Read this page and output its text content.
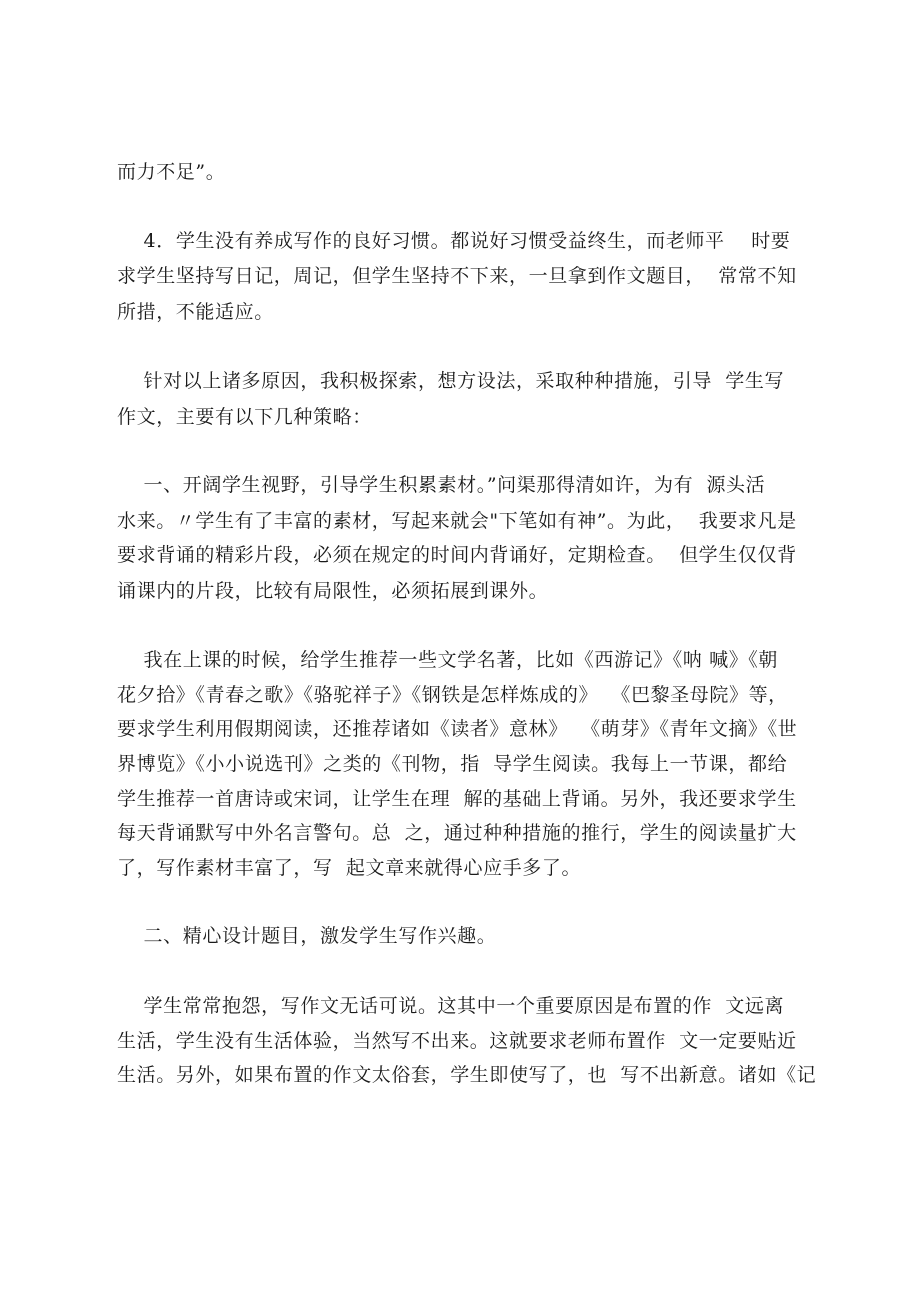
而力不足”。
4．学生没有养成写作的良好习惯。都说好习惯受益终生，而老师平    时要
求学生坚持写日记，周记，但学生坚持不下来，一旦拿到作文题目，  常常不知
所措，不能适应。
针对以上诸多原因，我积极探索，想方设法，采取种种措施，引导  学生写
作文，主要有以下几种策略：
一、开阔学生视野，引导学生积累素材。”问渠那得清如许，为有  源头活
水来。〃学生有了丰富的素材，写起来就会"下笔如有神”。为此，  我要求凡是
要求背诵的精彩片段，必须在规定的时间内背诵好，定期检查。  但学生仅仅背
诵课内的片段，比较有局限性，必须拓展到课外。
我在上课的时候，给学生推荐一些文学名著，比如《西游记》《呐 喊》《朝
花夕拾》《青春之歌》《骆驼祥子》《钢铁是怎样炼成的》  《巴黎圣母院》等，
要求学生利用假期阅读，还推荐诸如《读者》意林》  《萌芽》《青年文摘》《世
界博览》《小小说选刊》之类的《刊物，指  导学生阅读。我每上一节课，都给
学生推荐一首唐诗或宋词，让学生在理  解的基础上背诵。另外，我还要求学生
每天背诵默写中外名言警句。总  之，通过种种措施的推行，学生的阅读量扩大
了，写作素材丰富了，写  起文章来就得心应手多了。
二、精心设计题目，激发学生写作兴趣。
学生常常抱怨，写作文无话可说。这其中一个重要原因是布置的作  文远离
生活，学生没有生活体验，当然写不出来。这就要求老师布置作  文一定要贴近
生活。另外，如果布置的作文太俗套，学生即使写了，也  写不出新意。诸如《记
